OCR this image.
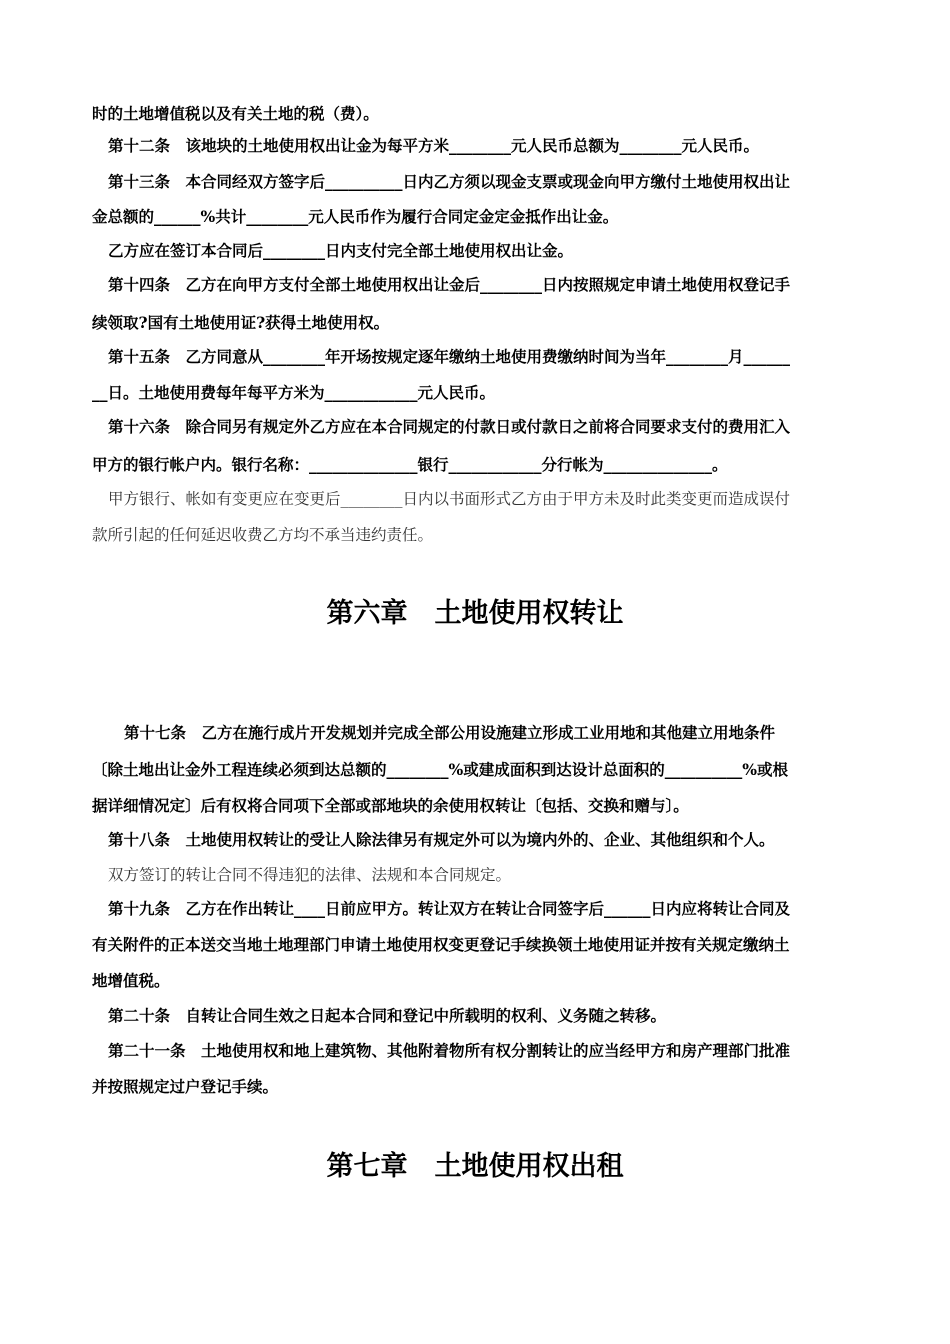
时的土地增值税以及有关土地的税（费）。
第十二条　该地块的土地使用权出让金为每平方米________元人民币总额为________元人民币。
第十三条　本合同经双方签字后__________日内乙方须以现金支票或现金向甲方缴付土地使用权出让
金总额的______%共计________元人民币作为履行合同定金定金抵作出让金。
乙方应在签订本合同后________日内支付完全部土地使用权出让金。
第十四条　乙方在向甲方支付全部土地使用权出让金后________日内按照规定申请土地使用权登记手
续领取?国有土地使用证?获得土地使用权。
第十五条　乙方同意从________年开场按规定逐年缴纳土地使用费缴纳时间为当年________月______
__日。土地使用费每年每平方米为____________元人民币。
第十六条　除合同另有规定外乙方应在本合同规定的付款日或付款日之前将合同要求支付的费用汇入
甲方的银行帐户内。银行名称：______________银行____________分行帐为______________。
甲方银行、帐如有变更应在变更后________日内以书面形式乙方由于甲方未及时此类变更而造成误付
款所引起的任何延迟收费乙方均不承当违约责任。
第六章　土地使用权转让
第十七条　乙方在施行成片开发规划并完成全部公用设施建立形成工业用地和其他建立用地条件
〔除土地出让金外工程连续必须到达总额的________%或建成面积到达设计总面积的__________%或根
据详细情况定〕后有权将合同项下全部或部地块的余使用权转让〔包括、交换和赠与〕。
第十八条　土地使用权转让的受让人除法律另有规定外可以为境内外的、企业、其他组织和个人。
双方签订的转让合同不得违犯的法律、法规和本合同规定。
第十九条　乙方在作出转让____日前应甲方。转让双方在转让合同签字后______日内应将转让合同及
有关附件的正本送交当地土地理部门申请土地使用权变更登记手续换领土地使用证并按有关规定缴纳土
地增值税。
第二十条　自转让合同生效之日起本合同和登记中所载明的权利、义务随之转移。
第二十一条　土地使用权和地上建筑物、其他附着物所有权分割转让的应当经甲方和房产理部门批准
并按照规定过户登记手续。
第七章　土地使用权出租
